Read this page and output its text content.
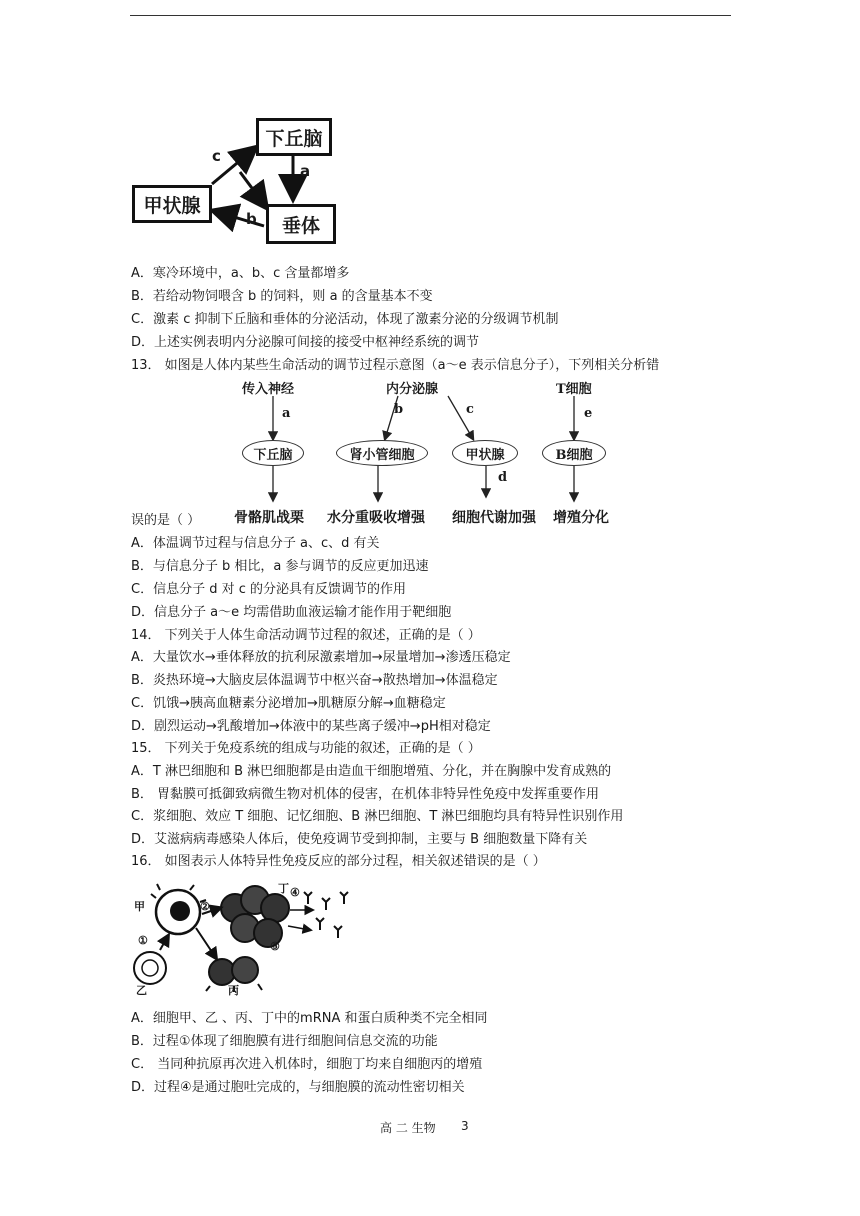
下丘脑
垂体
甲状腺
a
c
b
A．寒冷环境中，a、b、c 含量都增多
B．若给动物饲喂含 b 的饲料，则 a 的含量基本不变
C．激素 c 抑制下丘脑和垂体的分泌活动，体现了激素分泌的分级调节机制
D．上述实例表明内分泌腺可间接的接受中枢神经系统的调节
13． 如图是人体内某些生命活动的调节过程示意图（a～e 表示信息分子），下列相关分析错
传入神经	内分泌腺	T细胞
a	b	c	e
d
下丘脑	肾小管细胞	甲状腺	B细胞
骨骼肌战栗 水分重吸收增强 细胞代谢加强 增殖分化
误的是（ ）
A．体温调节过程与信息分子 a、c、d 有关
B．与信息分子 b 相比，a 参与调节的反应更加迅速
C．信息分子 d 对 c 的分泌具有反馈调节的作用
D．信息分子 a～e 均需借助血液运输才能作用于靶细胞
14． 下列关于人体生命活动调节过程的叙述，正确的是（ ）
A．大量饮水→垂体释放的抗利尿激素增加→尿量增加→渗透压稳定
B．炎热环境→大脑皮层体温调节中枢兴奋→散热增加→体温稳定
C．饥饿→胰高血糖素分泌增加→肌糖原分解→血糖稳定
D．剧烈运动→乳酸增加→体液中的某些离子缓冲→pH相对稳定
15． 下列关于免疫系统的组成与功能的叙述，正确的是（ ）
A．T 淋巴细胞和 B 淋巴细胞都是由造血干细胞增殖、分化，并在胸腺中发育成熟的
B． 胃黏膜可抵御致病微生物对机体的侵害，在机体非特异性免疫中发挥重要作用
C．浆细胞、效应 T 细胞、记忆细胞、B 淋巴细胞、T 淋巴细胞均具有特异性识别作用
D．艾滋病病毒感染人体后，使免疫调节受到抑制，主要与 B 细胞数量下降有关
16． 如图表示人体特异性免疫反应的部分过程，相关叙述错误的是（ ）
甲
乙	丙
丁
①
②
③
④
A．细胞甲、乙 、丙、丁中的mRNA 和蛋白质种类不完全相同
B．过程①体现了细胞膜有进行细胞间信息交流的功能
C． 当同种抗原再次进入机体时，细胞丁均来自细胞丙的增殖
D．过程④是通过胞吐完成的，与细胞膜的流动性密切相关
高 二 生物 3
